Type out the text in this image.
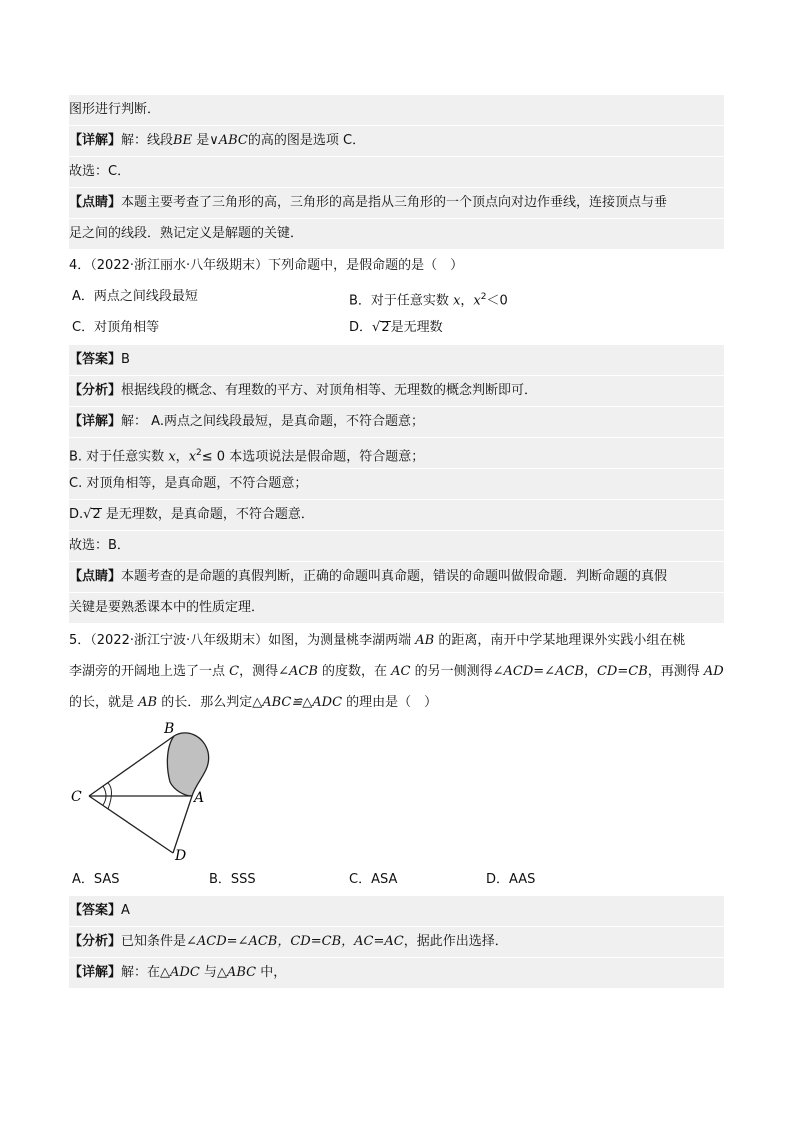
图形进行判断．
【详解】解：线段BE 是∨ABC的高的图是选项 C．
故选：C．
【点睛】本题主要考查了三角形的高，三角形的高是指从三角形的一个顶点向对边作垂线，连接顶点与垂
足之间的线段．熟记定义是解题的关键．
4．（2022·浙江丽水·八年级期末）下列命题中，是假命题的是（　）
A．两点之间线段最短	B．对于任意实数 x，$x^2<0$
C．对顶角相等	D．√2是无理数
【答案】B
【分析】根据线段的概念、有理数的平方、对顶角相等、无理数的概念判断即可．
【详解】解： A.两点之间线段最短，是真命题，不符合题意；
B. 对于任意实数 x，$x^2\le 0$ 本选项说法是假命题，符合题意；
C. 对顶角相等，是真命题，不符合题意；
D.√2 是无理数，是真命题，不符合题意．
故选：B．
【点睛】本题考查的是命题的真假判断，正确的命题叫真命题，错误的命题叫做假命题．判断命题的真假
关键是要熟悉课本中的性质定理．
5．（2022·浙江宁波·八年级期末）如图，为测量桃李湖两端 AB 的距离，南开中学某地理课外实践小组在桃
李湖旁的开阔地上选了一点 C，测得∠ACB 的度数，在 AC 的另一侧测得∠ACD=∠ACB，CD=CB，再测得 AD
的长，就是 AB 的长．那么判定△ABC≌△ADC 的理由是（　）
B
C	A
D
A．SAS	B．SSS	C．ASA	D．AAS
【答案】A
【分析】已知条件是∠ACD=∠ACB，CD=CB，AC=AC，据此作出选择．
【详解】解：在△ADC 与△ABC 中，
